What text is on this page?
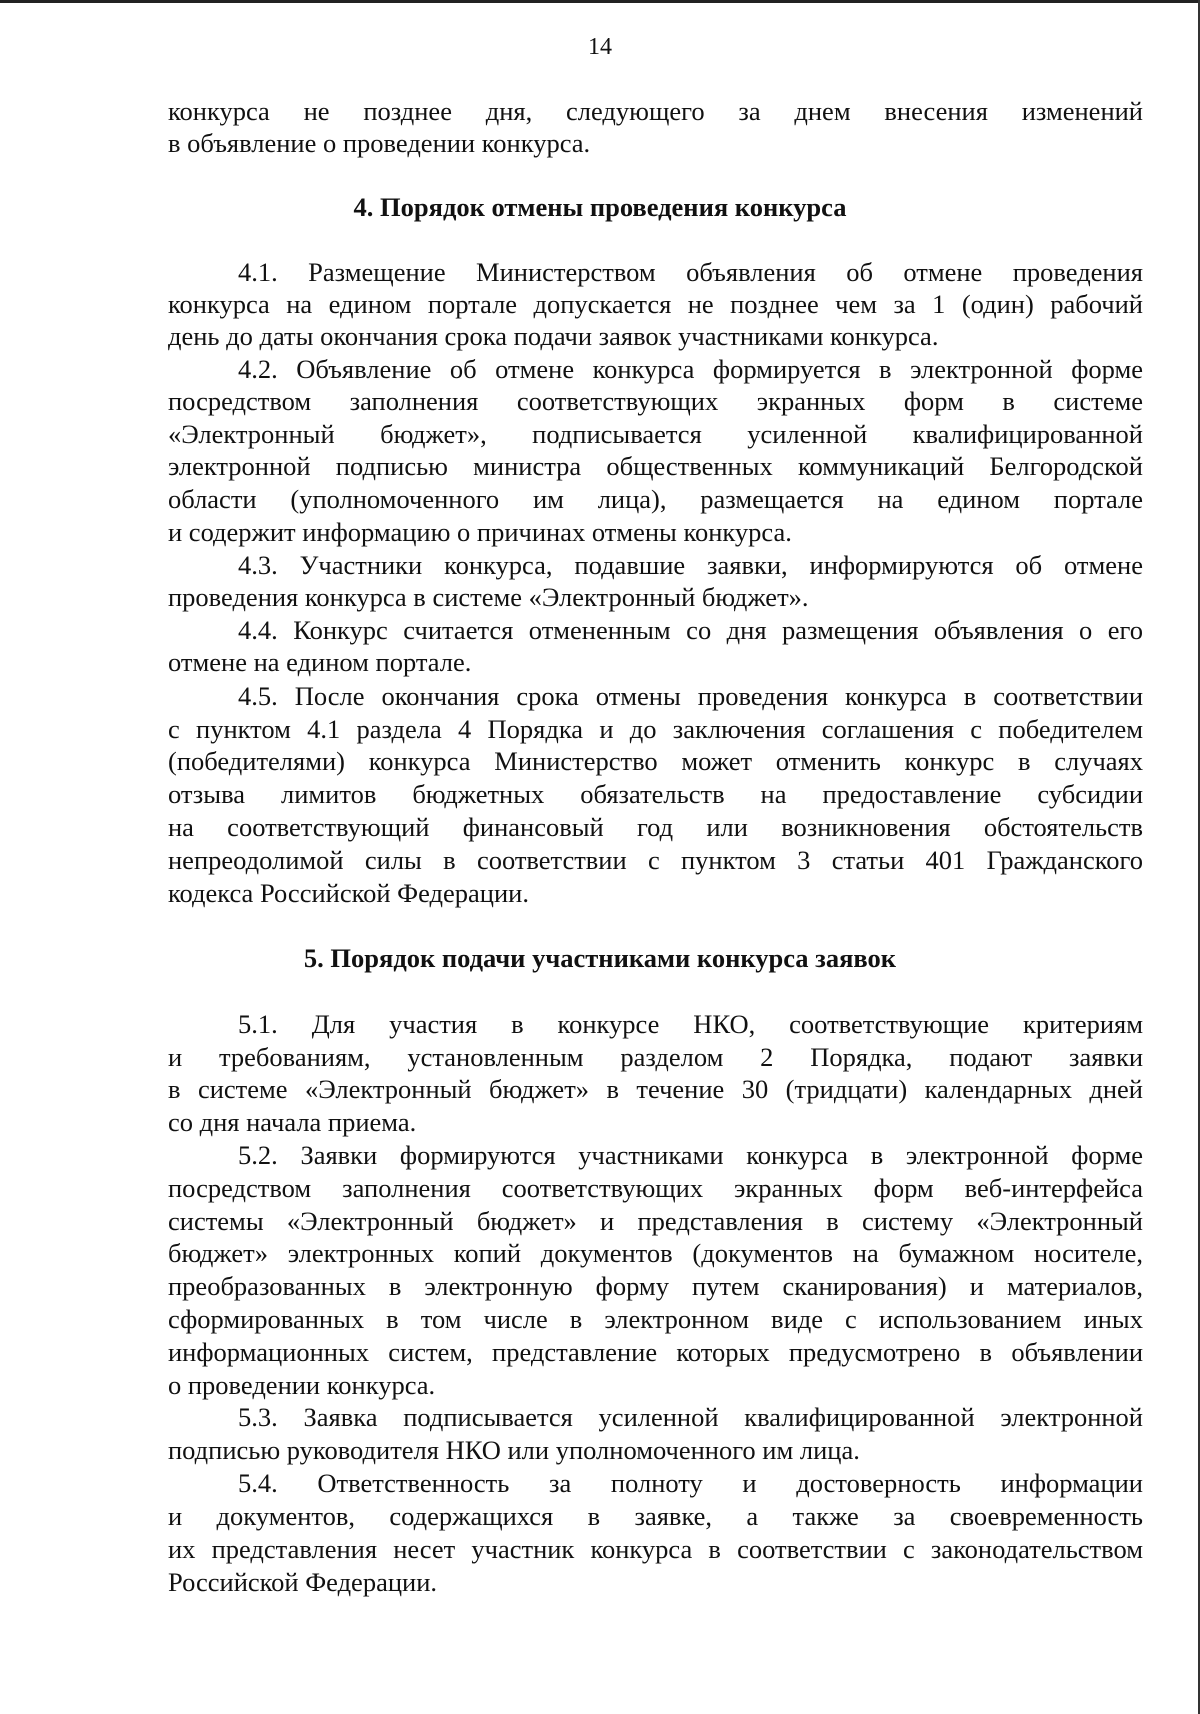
14
конкурса не позднее дня, следующего за днем внесения изменений
в объявление о проведении конкурса.
4. Порядок отмены проведения конкурса
4.1. Размещение Министерством объявления об отмене проведения
конкурса на едином портале допускается не позднее чем за 1 (один) рабочий
день до даты окончания срока подачи заявок участниками конкурса.
4.2. Объявление об отмене конкурса формируется в электронной форме
посредством заполнения соответствующих экранных форм в системе
«Электронный бюджет», подписывается усиленной квалифицированной
электронной подписью министра общественных коммуникаций Белгородской
области (уполномоченного им лица), размещается на едином портале
и содержит информацию о причинах отмены конкурса.
4.3. Участники конкурса, подавшие заявки, информируются об отмене
проведения конкурса в системе «Электронный бюджет».
4.4. Конкурс считается отмененным со дня размещения объявления о его
отмене на едином портале.
4.5. После окончания срока отмены проведения конкурса в соответствии
с пунктом 4.1 раздела 4 Порядка и до заключения соглашения с победителем
(победителями) конкурса Министерство может отменить конкурс в случаях
отзыва лимитов бюджетных обязательств на предоставление субсидии
на соответствующий финансовый год или возникновения обстоятельств
непреодолимой силы в соответствии с пунктом 3 статьи 401 Гражданского
кодекса Российской Федерации.
5. Порядок подачи участниками конкурса заявок
5.1. Для участия в конкурсе НКО, соответствующие критериям
и требованиям, установленным разделом 2 Порядка, подают заявки
в системе «Электронный бюджет» в течение 30 (тридцати) календарных дней
со дня начала приема.
5.2. Заявки формируются участниками конкурса в электронной форме
посредством заполнения соответствующих экранных форм веб-интерфейса
системы «Электронный бюджет» и представления в систему «Электронный
бюджет» электронных копий документов (документов на бумажном носителе,
преобразованных в электронную форму путем сканирования) и материалов,
сформированных в том числе в электронном виде с использованием иных
информационных систем, представление которых предусмотрено в объявлении
о проведении конкурса.
5.3. Заявка подписывается усиленной квалифицированной электронной
подписью руководителя НКО или уполномоченного им лица.
5.4. Ответственность за полноту и достоверность информации
и документов, содержащихся в заявке, а также за своевременность
их представления несет участник конкурса в соответствии с законодательством
Российской Федерации.
